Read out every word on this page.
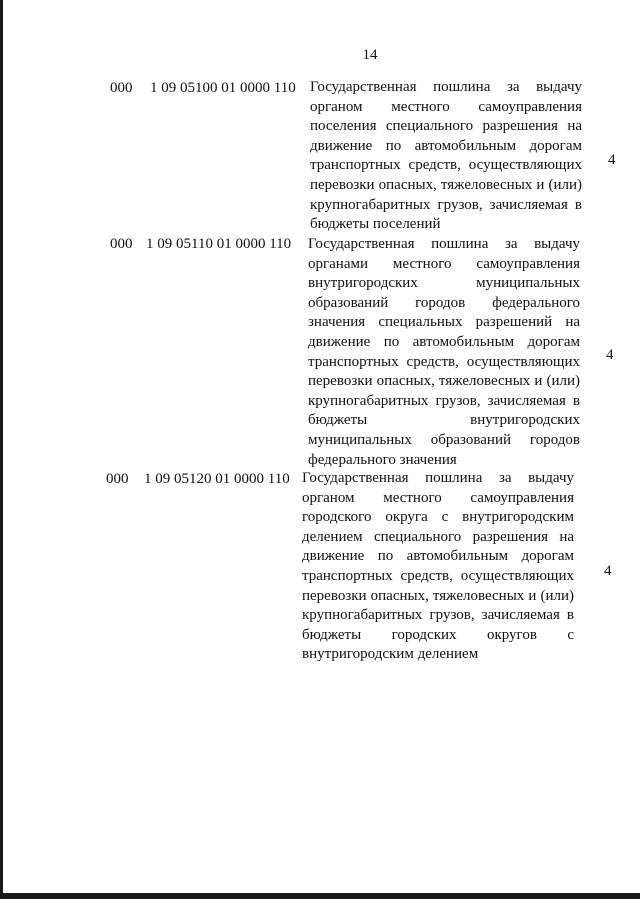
14
000 1 09 05100 01 0000 110 Государственная пошлина за выдачу органом местного самоуправления поселения специального разрешения на движение по автомобильным дорогам транспортных средств, осуществляющих перевозки опасных, тяжеловесных и (или) крупногабаритных грузов, зачисляемая в бюджеты поселений
4
000 1 09 05110 01 0000 110 Государственная пошлина за выдачу органами местного самоуправления внутригородских муниципальных образований городов федерального значения специальных разрешений на движение по автомобильным дорогам транспортных средств, осуществляющих перевозки опасных, тяжеловесных и (или) крупногабаритных грузов, зачисляемая в бюджеты внутригородских муниципальных образований городов федерального значения
4
000 1 09 05120 01 0000 110 Государственная пошлина за выдачу органом местного самоуправления городского округа с внутригородским делением специального разрешения на движение по автомобильным дорогам транспортных средств, осуществляющих перевозки опасных, тяжеловесных и (или) крупногабаритных грузов, зачисляемая в бюджеты городских округов с внутригородским делением
4
